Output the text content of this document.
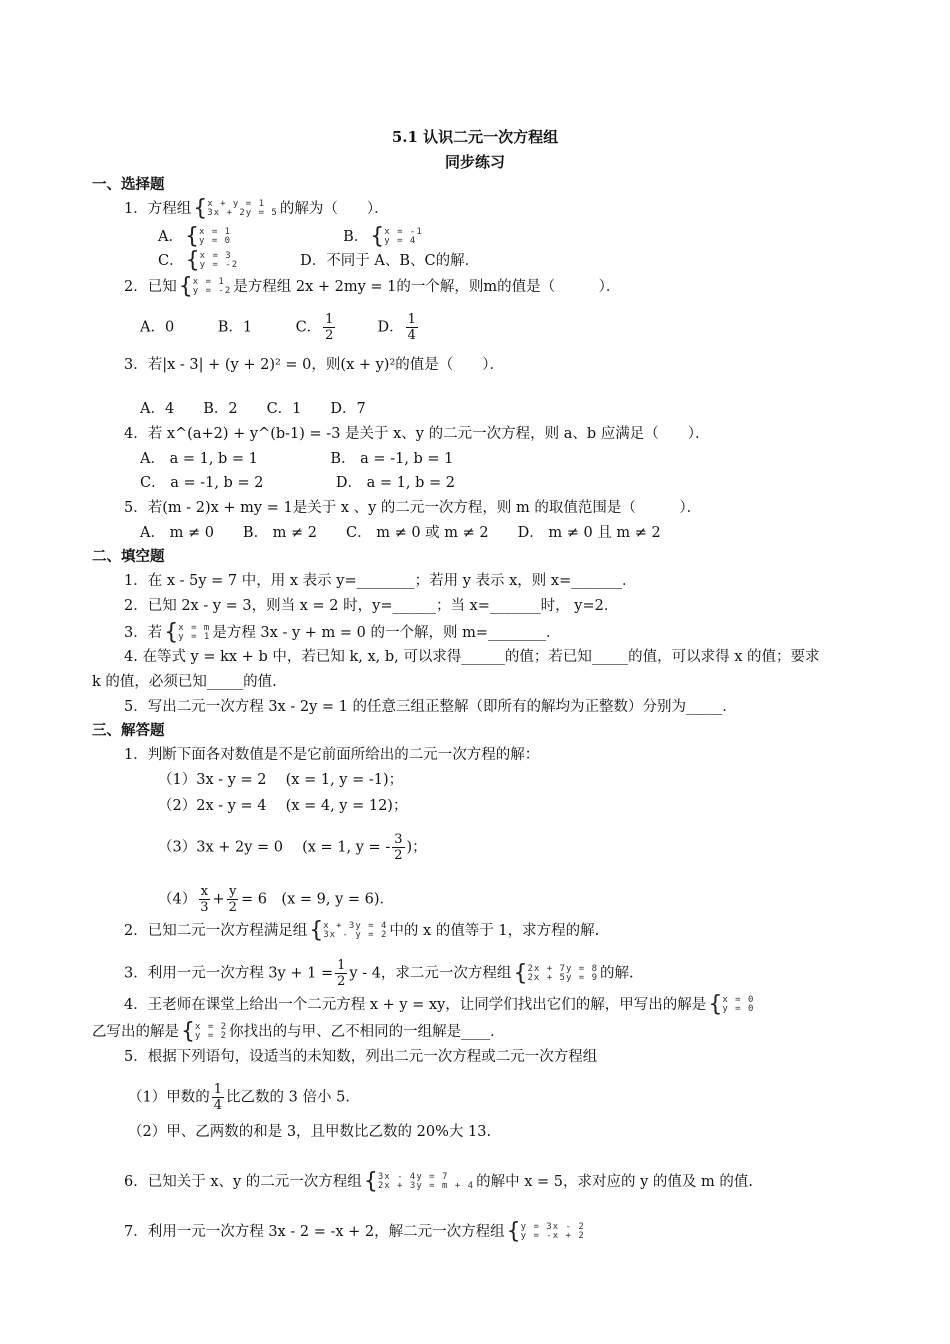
5.1 认识二元一次方程组
同步练习
一、选择题
1．方程组 { x + y = 1
3x + 2y = 5 的解为（　　）．
A． { x = 1
y = 0	B． { x = -1
y = 4
C． { x = 3
y = -2	D．不同于 A、B、C的解．
2．已知 { x = 1
y = -2 是方程组 2x + 2my = 1的一个解，则m的值是（　　　）．
A．0　　　B．1　　　C． $\frac{1}{2}$	D． $\frac{1}{4}$
3．若|x - 3| + (y + 2)² = 0，则(x + y)²的值是（　　）．
A．4　　B．2　　C．1　　D．7
4．若 x^(a+2) + y^(b-1) = -3 是关于 x、y 的二元一次方程，则 a、b 应满足（　　）．
A． a = 1, b = 1　　　　　B． a = -1, b = 1
C． a = -1, b = 2　　　　　D． a = 1, b = 2
5．若(m - 2)x + my = 1是关于 x 、y 的二元一次方程，则 m 的取值范围是（　　　）．
A． m ≠ 0　　B． m ≠ 2　　C． m ≠ 0 或 m ≠ 2　　D． m ≠ 0 且 m ≠ 2
二、填空题
1．在 x - 5y = 7 中，用 x 表示 y=________；若用 y 表示 x，则 x=_______．
2．已知 2x - y = 3，则当 x = 2 时，y=______；当 x=_______时， y=2．
3．若 { x = m
y = 1 是方程 3x - y + m = 0 的一个解，则 m=________．
4. 在等式 y = kx + b 中，若已知 k, x, b, 可以求得______的值；若已知_____的值，可以求得 x 的值；要求
k 的值，必须已知_____的值.
5．写出二元一次方程 3x - 2y = 1 的任意三组正整解（即所有的解均为正整数）分别为_____．
三、解答题
1．判断下面各对数值是不是它前面所给出的二元一次方程的解：
（1）3x - y = 2　 (x = 1, y = -1)；
（2）2x - y = 4　 (x = 4, y = 12)；
（3）3x + 2y = 0　 (x = 1, y = - $\frac{3}{2}$ )；
$(4) \frac{x}{3} + \frac{y}{2} = 6$　(x = 9, y = 6)．
2．已知二元一次方程满足组 { x + 3y = 4
3x - y = 2 中的 x 的值等于 1，求方程的解.
3．利用一元一次方程 $3y + 1 = \frac{1}{2}$ y - 4，求二元一次方程组 { 2x + 7y = 8
2x + 5y = 9 的解.
4．王老师在课堂上给出一个二元方程 x + y = xy，让同学们找出它们的解，甲写出的解是 { x = 0
y = 0
乙写出的解是 { x = 2
y = 2 你找出的与甲、乙不相同的一组解是____．
5．根据下列语句，设适当的未知数，列出二元一次方程或二元一次方程组
（1）甲数的 $\frac{1}{4}$ 比乙数的 3 倍小 5.
（2）甲、乙两数的和是 3，且甲数比乙数的 20%大 13.
6．已知关于 x、y 的二元一次方程组 { 3x - 4y = 7
2x + 3y = m + 4 的解中 x = 5，求对应的 y 的值及 m 的值.
7．利用一元一次方程 3x - 2 = -x + 2，解二元一次方程组 { y = 3x - 2
y = -x + 2
